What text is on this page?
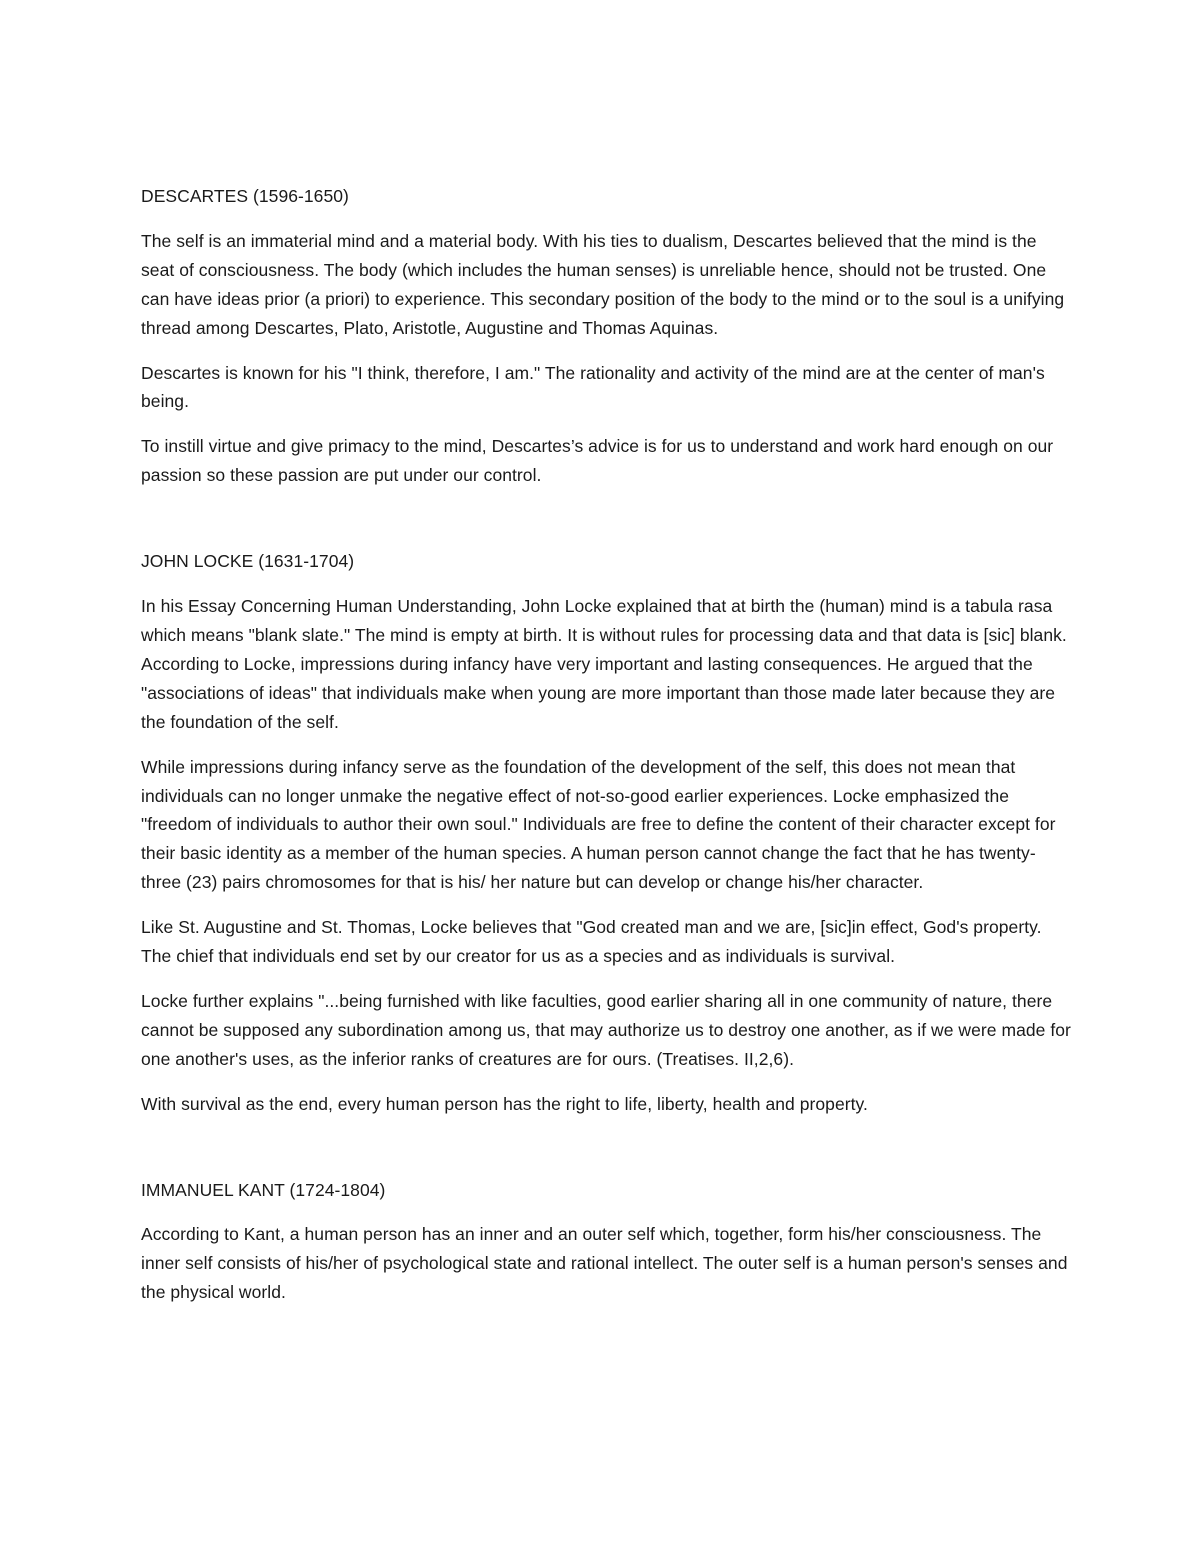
DESCARTES (1596-1650)

The self is an immaterial mind and a material body. With his ties to dualism, Descartes believed that the mind is the seat of consciousness. The body (which includes the human senses) is unreliable hence, should not be trusted. One can have ideas prior (a priori) to experience. This secondary position of the body to the mind or to the soul is a unifying thread among Descartes, Plato, Aristotle, Augustine and Thomas Aquinas.

Descartes is known for his "I think, therefore, I am." The rationality and activity of the mind are at the center of man's being.

To instill virtue and give primacy to the mind, Descartes’s advice is for us to understand and work hard enough on our passion so these passion are put under our control.

JOHN LOCKE (1631-1704)

In his Essay Concerning Human Understanding, John Locke explained that at birth the (human) mind is a tabula rasa which means "blank slate." The mind is empty at birth. It is without rules for processing data and that data is [sic] blank. According to Locke, impressions during infancy have very important and lasting consequences. He argued that the "associations of ideas" that individuals make when young are more important than those made later because they are the foundation of the self.

While impressions during infancy serve as the foundation of the development of the self, this does not mean that individuals can no longer unmake the negative effect of not-so-good earlier experiences. Locke emphasized the "freedom of individuals to author their own soul." Individuals are free to define the content of their character except for their basic identity as a member of the human species. A human person cannot change the fact that he has twenty-three (23) pairs chromosomes for that is his/ her nature but can develop or change his/her character.

Like St. Augustine and St. Thomas, Locke believes that "God created man and we are, [sic]in effect, God's property. The chief that individuals end set by our creator for us as a species and as individuals is survival.

Locke further explains "...being furnished with like faculties, good earlier sharing all in one community of nature, there cannot be supposed any subordination among us, that may authorize us to destroy one another, as if we were made for one another's uses, as the inferior ranks of creatures are for ours. (Treatises. II,2,6).

With survival as the end, every human person has the right to life, liberty, health and property.

IMMANUEL KANT (1724-1804)

According to Kant, a human person has an inner and an outer self which, together, form his/her consciousness. The inner self consists of his/her of psychological state and rational intellect. The outer self is a human person's senses and the physical world.
